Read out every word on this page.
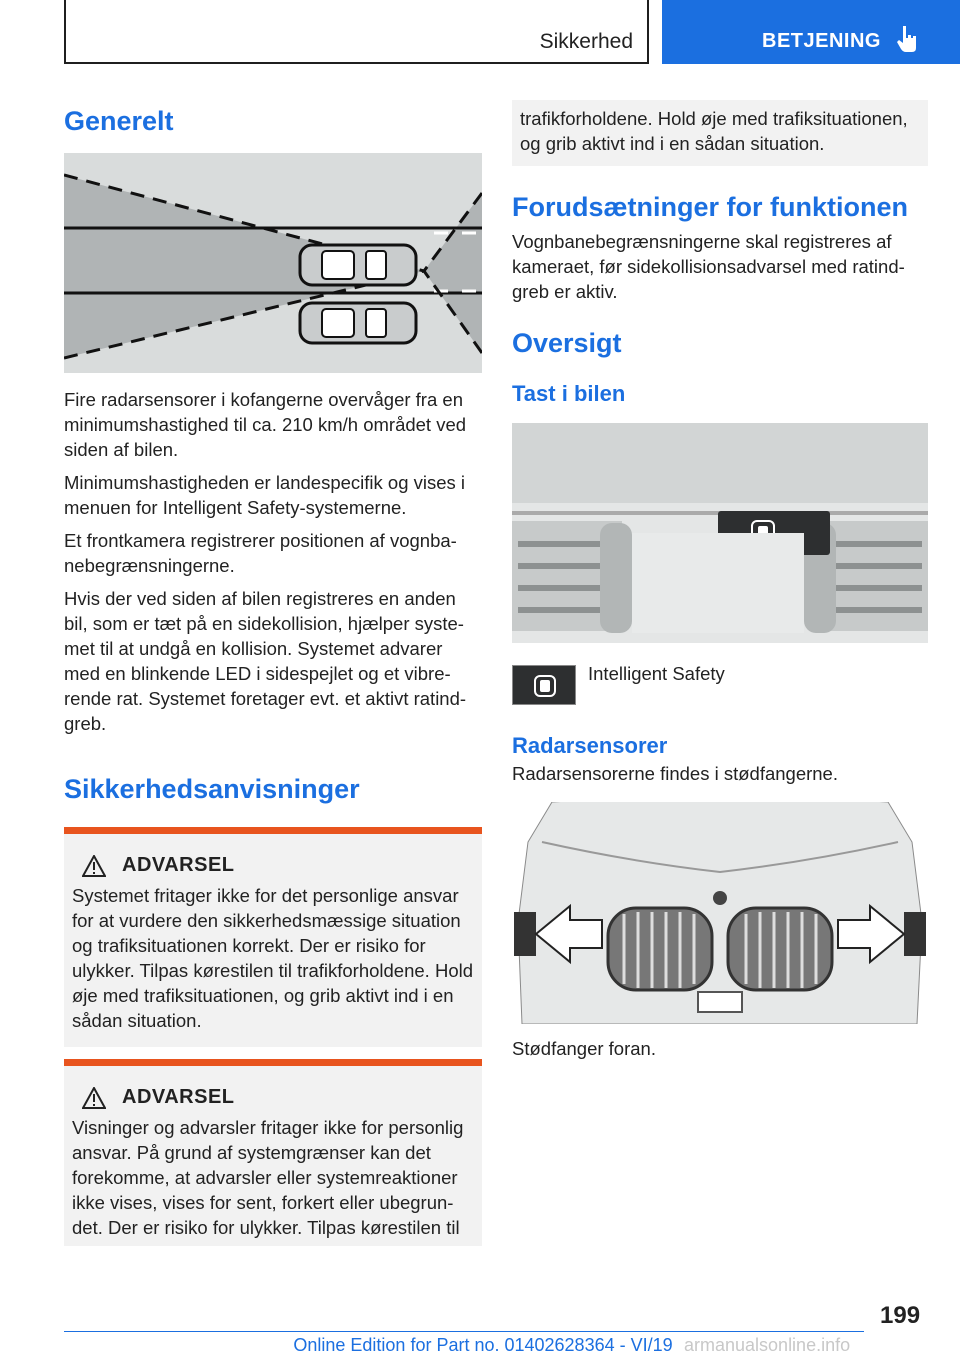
Sikkerhed	BETJENING
Generelt

Fire radarsensorer i kofangerne overvåger fra en minimumshastighed til ca. 210 km/h området ved siden af bilen.

Minimumshastigheden er landespecifik og vises i menuen for Intelligent Safety-systemerne.

Et frontkamera registrerer positionen af vognba- nebegrænsningerne.

Hvis der ved siden af bilen registreres en anden bil, som er tæt på en sidekollision, hjælper syste- met til at undgå en kollision. Systemet advarer med en blinkende LED i sidespejlet og et vibre- rende rat. Systemet foretager evt. et aktivt ratind- greb.

Sikkerhedsanvisninger
ADVARSEL

Systemet fritager ikke for det personlige ansvar for at vurdere den sikkerhedsmæssige situation og trafiksituationen korrekt. Der er risiko for ulykker. Tilpas kørestilen til trafikforholdene. Hold øje med trafiksituationen, og grib aktivt ind i en sådan situation.

ADVARSEL

Visninger og advarsler fritager ikke for personlig ansvar. På grund af systemgrænser kan det forekomme, at advarsler eller systemreaktioner ikke vises, vises for sent, forkert eller ubegrun- det. Der er risiko for ulykker. Tilpas kørestilen til

trafikforholdene. Hold øje med trafiksituationen, og grib aktivt ind i en sådan situation.

Forudsætninger for funktionen

Vognbanebegrænsningerne skal registreres af kameraet, før sidekollisionsadvarsel med ratind- greb er aktiv.

Oversigt
Tast i bilen

Intelligent Safety

Radarsensorer

Radarsensorerne findes i stødfangerne.

Stødfanger foran.

199
Online Edition for Part no. 01402628364 - VI/19 armanualsonline.info
